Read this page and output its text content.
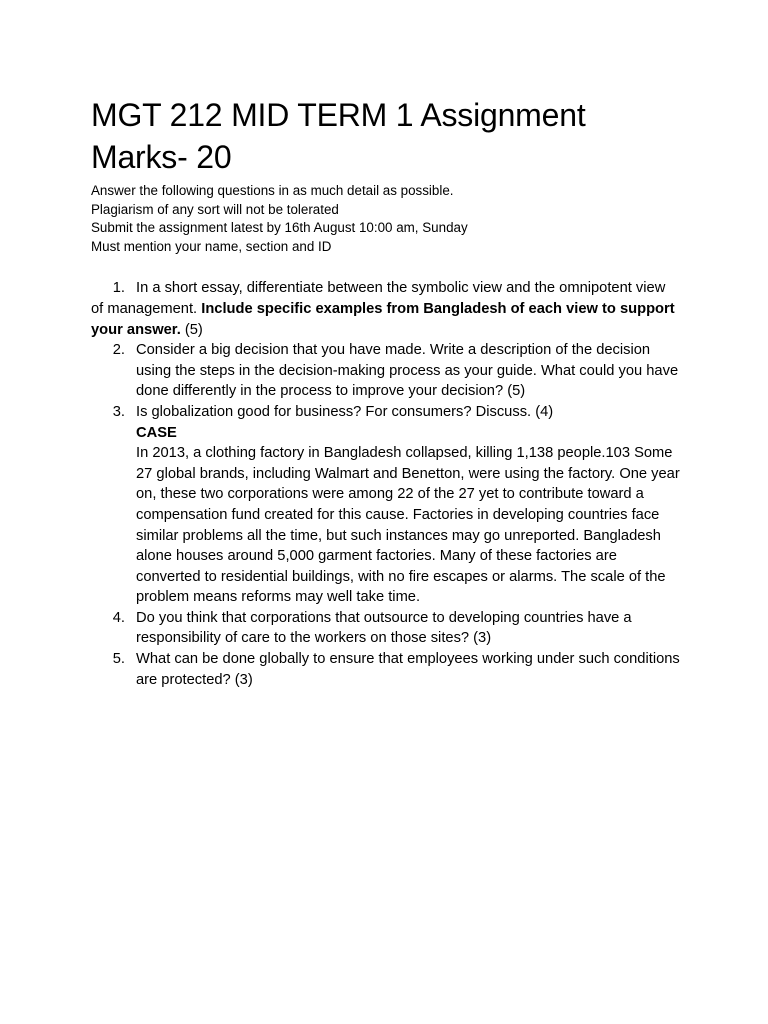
MGT 212 MID TERM 1 Assignment
Marks- 20
Answer the following questions in as much detail as possible.
Plagiarism of any sort will not be tolerated
Submit the assignment latest by 16th August 10:00 am, Sunday
Must mention your name, section and ID
1. In a short essay, differentiate between the symbolic view and the omnipotent view of management. Include specific examples from Bangladesh of each view to support your answer. (5)
2. Consider a big decision that you have made. Write a description of the decision using the steps in the decision-making process as your guide. What could you have done differently in the process to improve your decision? (5)
3. Is globalization good for business? For consumers? Discuss. (4)
CASE
In 2013, a clothing factory in Bangladesh collapsed, killing 1,138 people.103 Some 27 global brands, including Walmart and Benetton, were using the factory. One year on, these two corporations were among 22 of the 27 yet to contribute toward a compensation fund created for this cause. Factories in developing countries face similar problems all the time, but such instances may go unreported. Bangladesh alone houses around 5,000 garment factories. Many of these factories are converted to residential buildings, with no fire escapes or alarms. The scale of the problem means reforms may well take time.
4. Do you think that corporations that outsource to developing countries have a responsibility of care to the workers on those sites? (3)
5. What can be done globally to ensure that employees working under such conditions are protected? (3)
